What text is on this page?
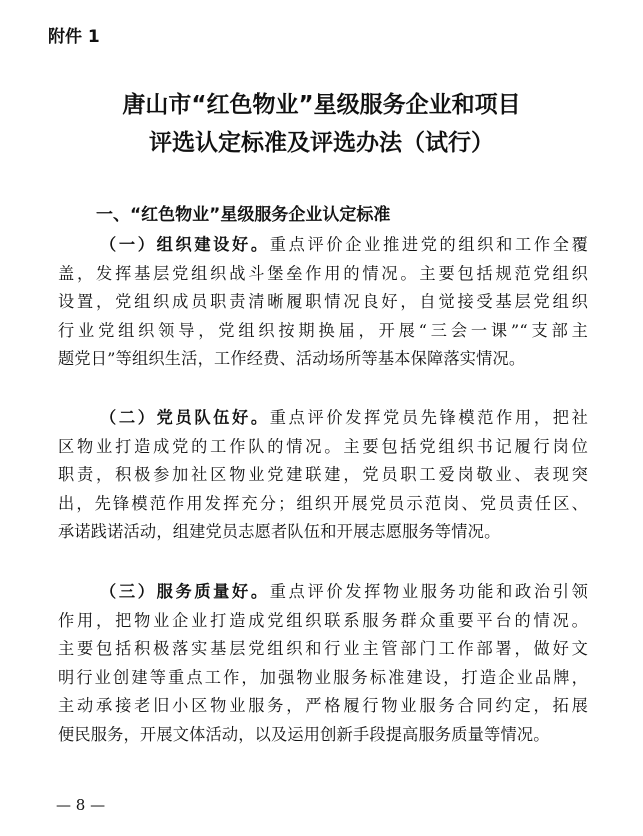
附件 1
唐山市“红色物业”星级服务企业和项目
评选认定标准及评选办法（试行）
一、“红色物业”星级服务企业认定标准
（一）组织建设好。重点评价企业推进党的组织和工作全覆
盖，发挥基层党组织战斗堡垒作用的情况。主要包括规范党组织
设置，党组织成员职责清晰履职情况良好，自觉接受基层党组织
行业党组织领导，党组织按期换届，开展“三会一课”“支部主
题党日”等组织生活，工作经费、活动场所等基本保障落实情况。
（二）党员队伍好。重点评价发挥党员先锋模范作用，把社
区物业打造成党的工作队的情况。主要包括党组织书记履行岗位
职责，积极参加社区物业党建联建，党员职工爱岗敬业、表现突
出，先锋模范作用发挥充分；组织开展党员示范岗、党员责任区、
承诺践诺活动，组建党员志愿者队伍和开展志愿服务等情况。
（三）服务质量好。重点评价发挥物业服务功能和政治引领
作用，把物业企业打造成党组织联系服务群众重要平台的情况。
主要包括积极落实基层党组织和行业主管部门工作部署，做好文
明行业创建等重点工作，加强物业服务标准建设，打造企业品牌，
主动承接老旧小区物业服务，严格履行物业服务合同约定，拓展
便民服务，开展文体活动，以及运用创新手段提高服务质量等情况。
— 8 —
